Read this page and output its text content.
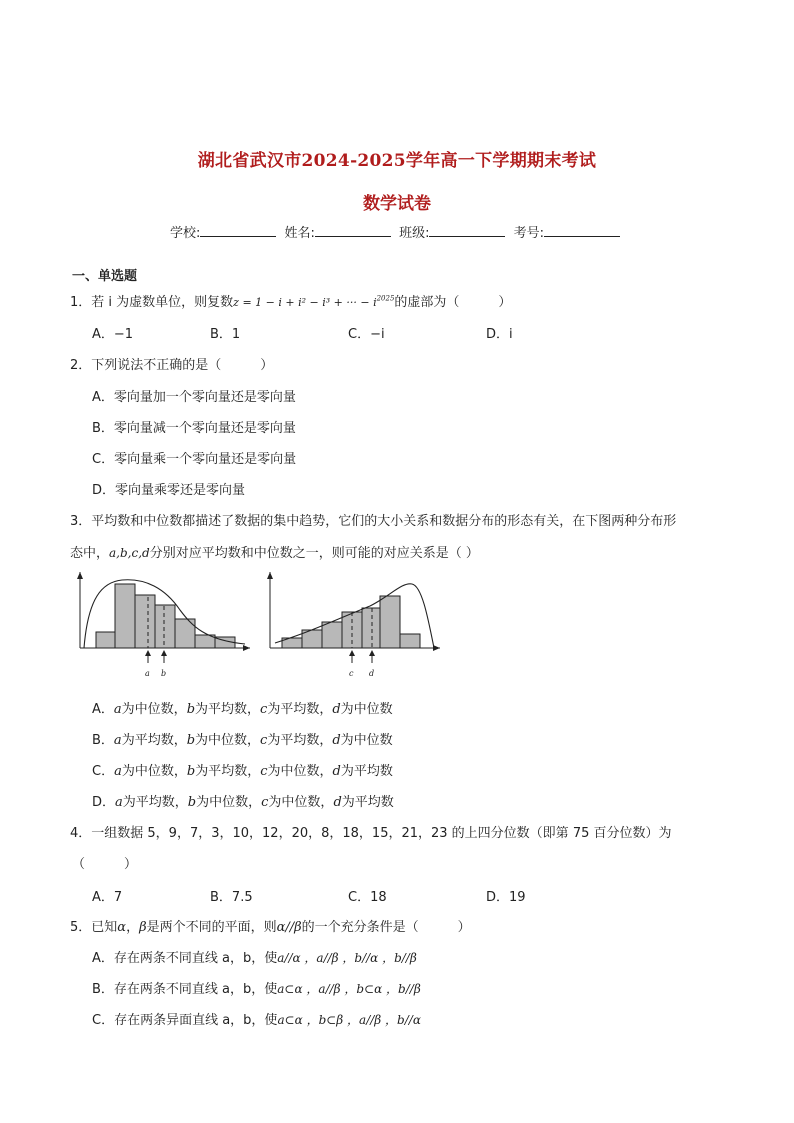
湖北省武汉市2024-2025学年高一下学期期末考试
数学试卷
学校:	姓名:	班级:	考号:
一、单选题
1．若 i 为虚数单位，则复数z = 1 − i + i² − i³ + ··· − $i^{2025}$的虚部为（　　　）
A．−1	B．1	C．−i	D．i
2．下列说法不正确的是（　　　）
A．零向量加一个零向量还是零向量
B．零向量减一个零向量还是零向量
C．零向量乘一个零向量还是零向量
D．零向量乘零还是零向量
3．平均数和中位数都描述了数据的集中趋势，它们的大小关系和数据分布的形态有关，在下图两种分布形
态中，a,b,c,d分别对应平均数和中位数之一，则可能的对应关系是（ ）
a b	c d
A．a为中位数，b为平均数，c为平均数，d为中位数
B．a为平均数，b为中位数，c为平均数，d为中位数
C．a为中位数，b为平均数，c为中位数，d为平均数
D．a为平均数，b为中位数，c为中位数，d为平均数
4．一组数据 5，9，7，3，10，12，20，8，18，15，21，23 的上四分位数（即第 75 百分位数）为
（　　　）
A．7	B．7.5	C．18	D．19
5．已知α，β是两个不同的平面，则α//β的一个充分条件是（　　　）
A．存在两条不同直线 a，b，使a//α ，a//β ，b//α ，b//β
B．存在两条不同直线 a，b，使a⊂α ，a//β ，b⊂α ，b//β
C．存在两条异面直线 a，b，使a⊂α ，b⊂β ，a//β ，b//α
